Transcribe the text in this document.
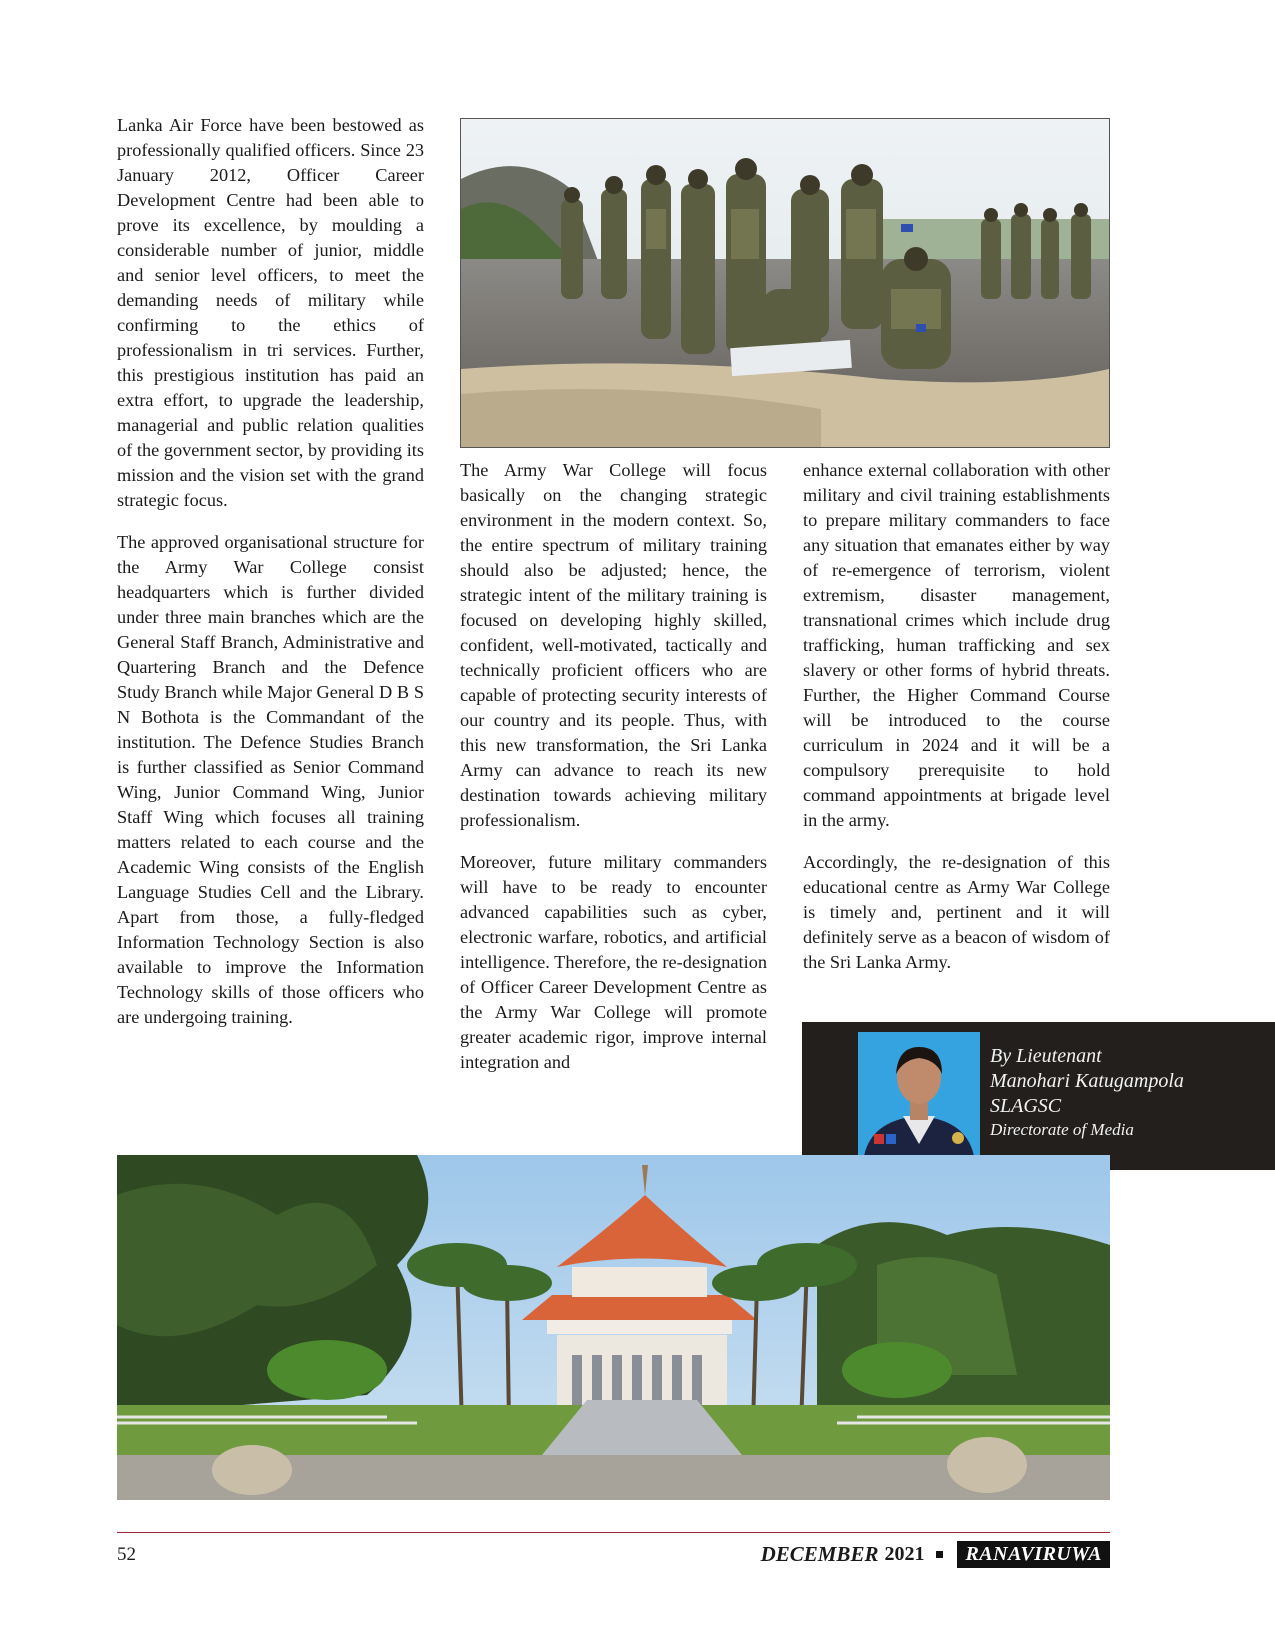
Lanka Air Force have been bestowed as professionally qualified officers. Since 23 January 2012, Officer Career Development Centre had been able to prove its excellence, by moulding a considerable number of junior, middle and senior level officers, to meet the demanding needs of military while confirming to the ethics of professionalism in tri services. Further, this prestigious institution has paid an extra effort, to upgrade the leadership, managerial and public relation qualities of the government sector, by providing its mission and the vision set with the grand strategic focus.

The approved organisational structure for the Army War College consist headquarters which is further divided under three main branches which are the General Staff Branch, Administrative and Quartering Branch and the Defence Study Branch while Major General D B S N Bothota is the Commandant of the institution. The Defence Studies Branch is further classified as Senior Command Wing, Junior Command Wing, Junior Staff Wing which focuses all training matters related to each course and the Academic Wing consists of the English Language Studies Cell and the Library. Apart from those, a fully-fledged Information Technology Section is also available to improve the Information Technology skills of those officers who are undergoing training.

The Army War College will focus basically on the changing strategic environment in the modern context. So, the entire spectrum of military training should also be adjusted; hence, the strategic intent of the military training is focused on developing highly skilled, confident, well-motivated, tactically and technically proficient officers who are capable of protecting security interests of our country and its people. Thus, with this new transformation, the Sri Lanka Army can advance to reach its new destination towards achieving military professionalism.

Moreover, future military commanders will have to be ready to encounter advanced capabilities such as cyber, electronic warfare, robotics, and artificial intelligence. Therefore, the re-designation of Officer Career Development Centre as the Army War College will promote greater academic rigor, improve internal integration and

enhance external collaboration with other military and civil training establishments to prepare military commanders to face any situation that emanates either by way of re-emergence of terrorism, violent extremism, disaster management, transnational crimes which include drug trafficking, human trafficking and sex slavery or other forms of hybrid threats. Further, the Higher Command Course will be introduced to the course curriculum in 2024 and it will be a compulsory prerequisite to hold command appointments at brigade level in the army.

Accordingly, the re-designation of this educational centre as Army War College is timely and, pertinent and it will definitely serve as a beacon of wisdom of the Sri Lanka Army.

By Lieutenant
Manohari Katugampola
SLAGSC
Directorate of Media
52	DECEMBER 2021	RANAVIRUWA
